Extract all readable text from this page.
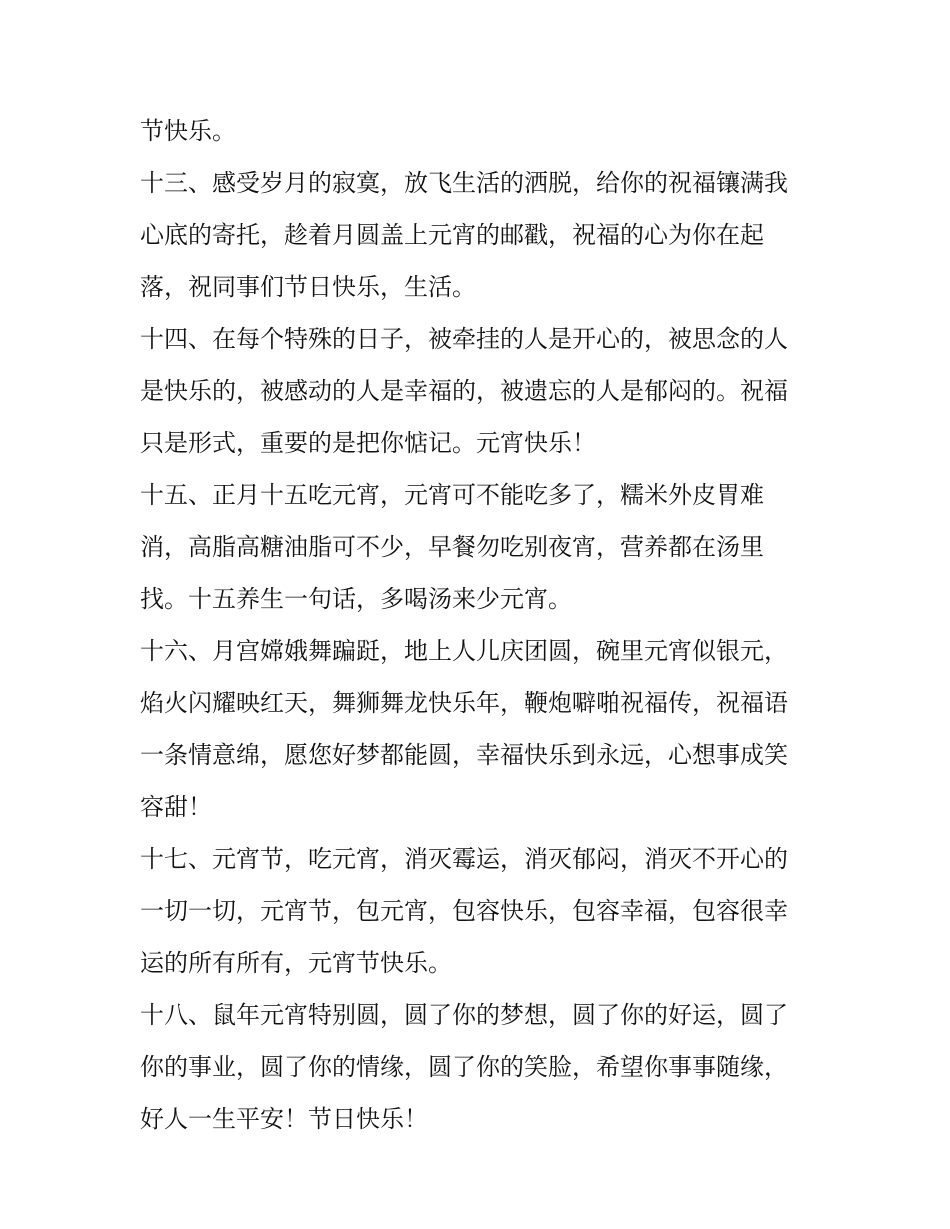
节快乐。
十三、感受岁月的寂寞，放飞生活的洒脱，给你的祝福镶满我
心底的寄托，趁着月圆盖上元宵的邮戳，祝福的心为你在起
落，祝同事们节日快乐，生活。
十四、在每个特殊的日子，被牵挂的人是开心的，被思念的人
是快乐的，被感动的人是幸福的，被遗忘的人是郁闷的。祝福
只是形式，重要的是把你惦记。元宵快乐！
十五、正月十五吃元宵，元宵可不能吃多了，糯米外皮胃难
消，高脂高糖油脂可不少，早餐勿吃别夜宵，营养都在汤里
找。十五养生一句话，多喝汤来少元宵。
十六、月宫嫦娥舞蹁跹，地上人儿庆团圆，碗里元宵似银元，
焰火闪耀映红天，舞狮舞龙快乐年，鞭炮噼啪祝福传，祝福语
一条情意绵，愿您好梦都能圆，幸福快乐到永远，心想事成笑
容甜！
十七、元宵节，吃元宵，消灭霉运，消灭郁闷，消灭不开心的
一切一切，元宵节，包元宵，包容快乐，包容幸福，包容很幸
运的所有所有，元宵节快乐。
十八、鼠年元宵特别圆，圆了你的梦想，圆了你的好运，圆了
你的事业，圆了你的情缘，圆了你的笑脸，希望你事事随缘，
好人一生平安！节日快乐！
